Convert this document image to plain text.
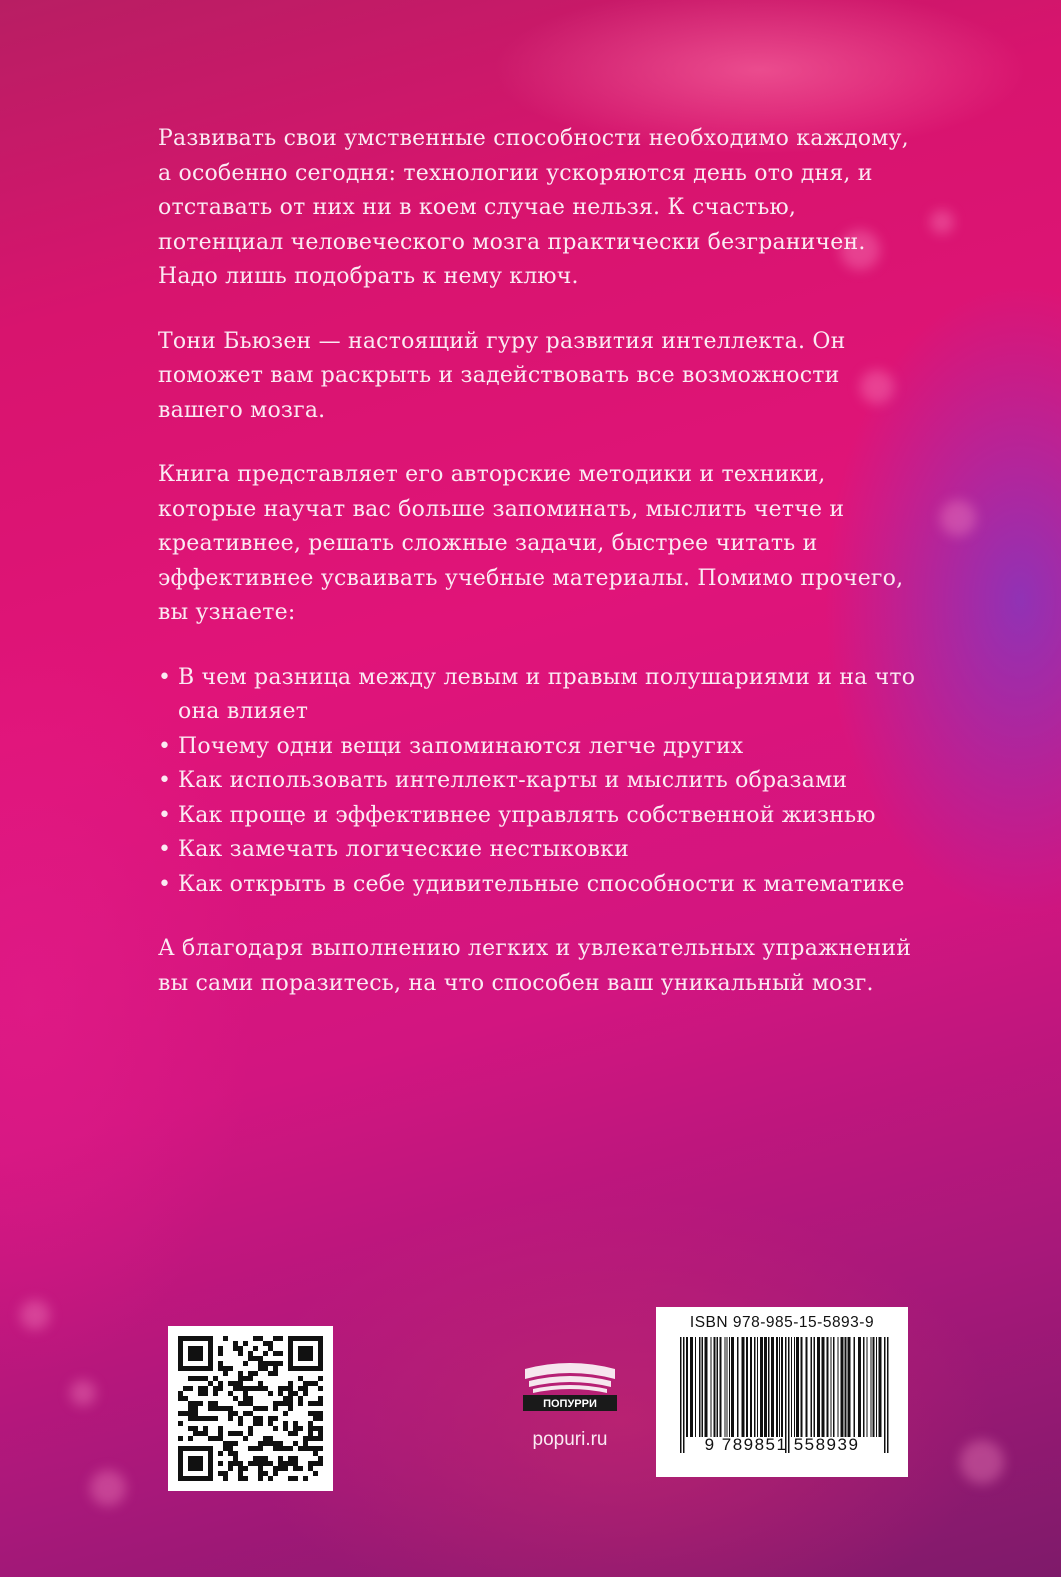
Развивать свои умственные способности необходимо каждому, а особенно сегодня: технологии ускоряются день ото дня, и отставать от них ни в коем случае нельзя. К счастью, потенциал человеческого мозга практически безграничен. Надо лишь подобрать к нему ключ.

Тони Бьюзен — настоящий гуру развития интеллекта. Он поможет вам раскрыть и задействовать все возможности вашего мозга.

Книга представляет его авторские методики и техники, которые научат вас больше запоминать, мыслить четче и креативнее, решать сложные задачи, быстрее читать и эффективнее усваивать учебные материалы. Помимо прочего, вы узнаете:

• В чем разница между левым и правым полушариями и на что она влияет
• Почему одни вещи запоминаются легче других
• Как использовать интеллект-карты и мыслить образами
• Как проще и эффективнее управлять собственной жизнью
• Как замечать логические нестыковки
• Как открыть в себе удивительные способности к математике

А благодаря выполнению легких и увлекательных упражнений вы сами поразитесь, на что способен ваш уникальный мозг.

ПОПУРРИ
popuri.ru
ISBN 978-985-15-5893-9
9 789851 558939
